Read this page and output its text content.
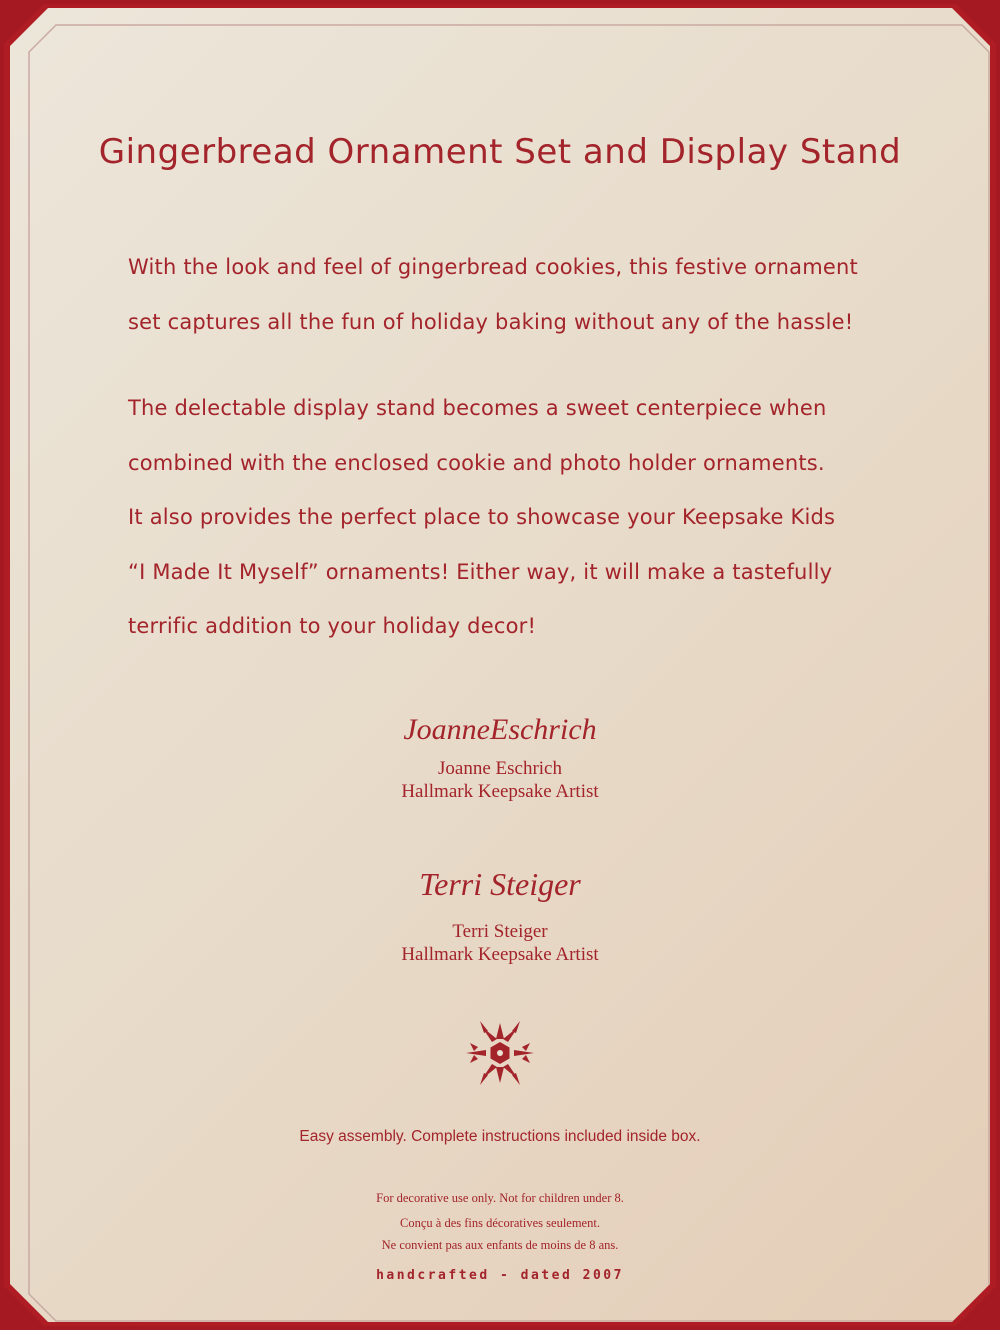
Gingerbread Ornament Set and Display Stand
With the look and feel of gingerbread cookies, this festive ornament
set captures all the fun of holiday baking without any of the hassle!
The delectable display stand becomes a sweet centerpiece when
combined with the enclosed cookie and photo holder ornaments.
It also provides the perfect place to showcase your Keepsake Kids
“I Made It Myself” ornaments! Either way, it will make a tastefully
terrific addition to your holiday decor!
JoanneEschrich
Joanne Eschrich
Hallmark Keepsake Artist
Terri Steiger
Terri Steiger
Hallmark Keepsake Artist
Easy assembly. Complete instructions included inside box.
For decorative use only. Not for children under 8.
Conçu à des fins décoratives seulement.
Ne convient pas aux enfants de moins de 8 ans.
handcrafted - dated 2007
